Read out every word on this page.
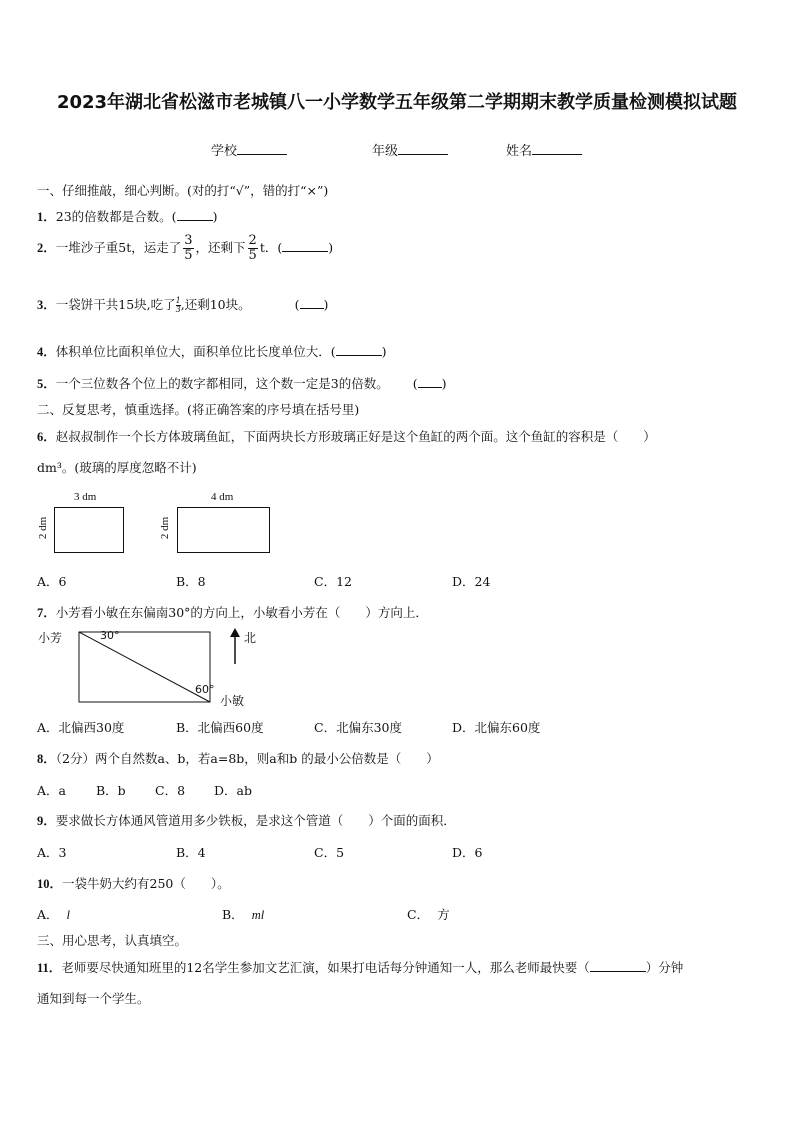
2023年湖北省松滋市老城镇八一小学数学五年级第二学期期末教学质量检测模拟试题
学校	年级	姓名
一、仔细推敲，细心判断。(对的打“√”，错的打“×”)
1．23的倍数都是合数。(	)
2．一堆沙子重5t，运走了 $\frac{3}{5}$ ，还剩下 $\frac{2}{5}$ t．(	)
3．一袋饼干共15块,吃了 $\frac{1}{3}$,还剩10块。	( )
4．体积单位比面积单位大，面积单位比长度单位大．(	)
5．一个三位数各个位上的数字都相同，这个数一定是3的倍数。 ( )
二、反复思考，慎重选择。(将正确答案的序号填在括号里)
6．赵叔叔制作一个长方体玻璃鱼缸，下面两块长方形玻璃正好是这个鱼缸的两个面。这个鱼缸的容积是（　　）
dm³。(玻璃的厚度忽略不计)
3 dm
2 dm
4 dm
2 dm
A．6	B．8	C．12	D．24
7．小芳看小敏在东偏南30°的方向上，小敏看小芳在（　　）方向上．
小芳	30°	北
60°
小敏
A．北偏西30度	B．北偏西60度	C．北偏东30度	D．北偏东60度
8．（2分）两个自然数a、b，若a=8b，则a和b 的最小公倍数是（　　）
A．a B．b C．8 D．ab
9．要求做长方体通风管道用多少铁板，是求这个管道（　　）个面的面积．
A．3	B．4	C．5	D．6
10．一袋牛奶大约有250（　　）。
A． l	B． ml	C． 方
三、用心思考，认真填空。
11．老师要尽快通知班里的12名学生参加文艺汇演，如果打电话每分钟通知一人，那么老师最快要（	）分钟
通知到每一个学生。
